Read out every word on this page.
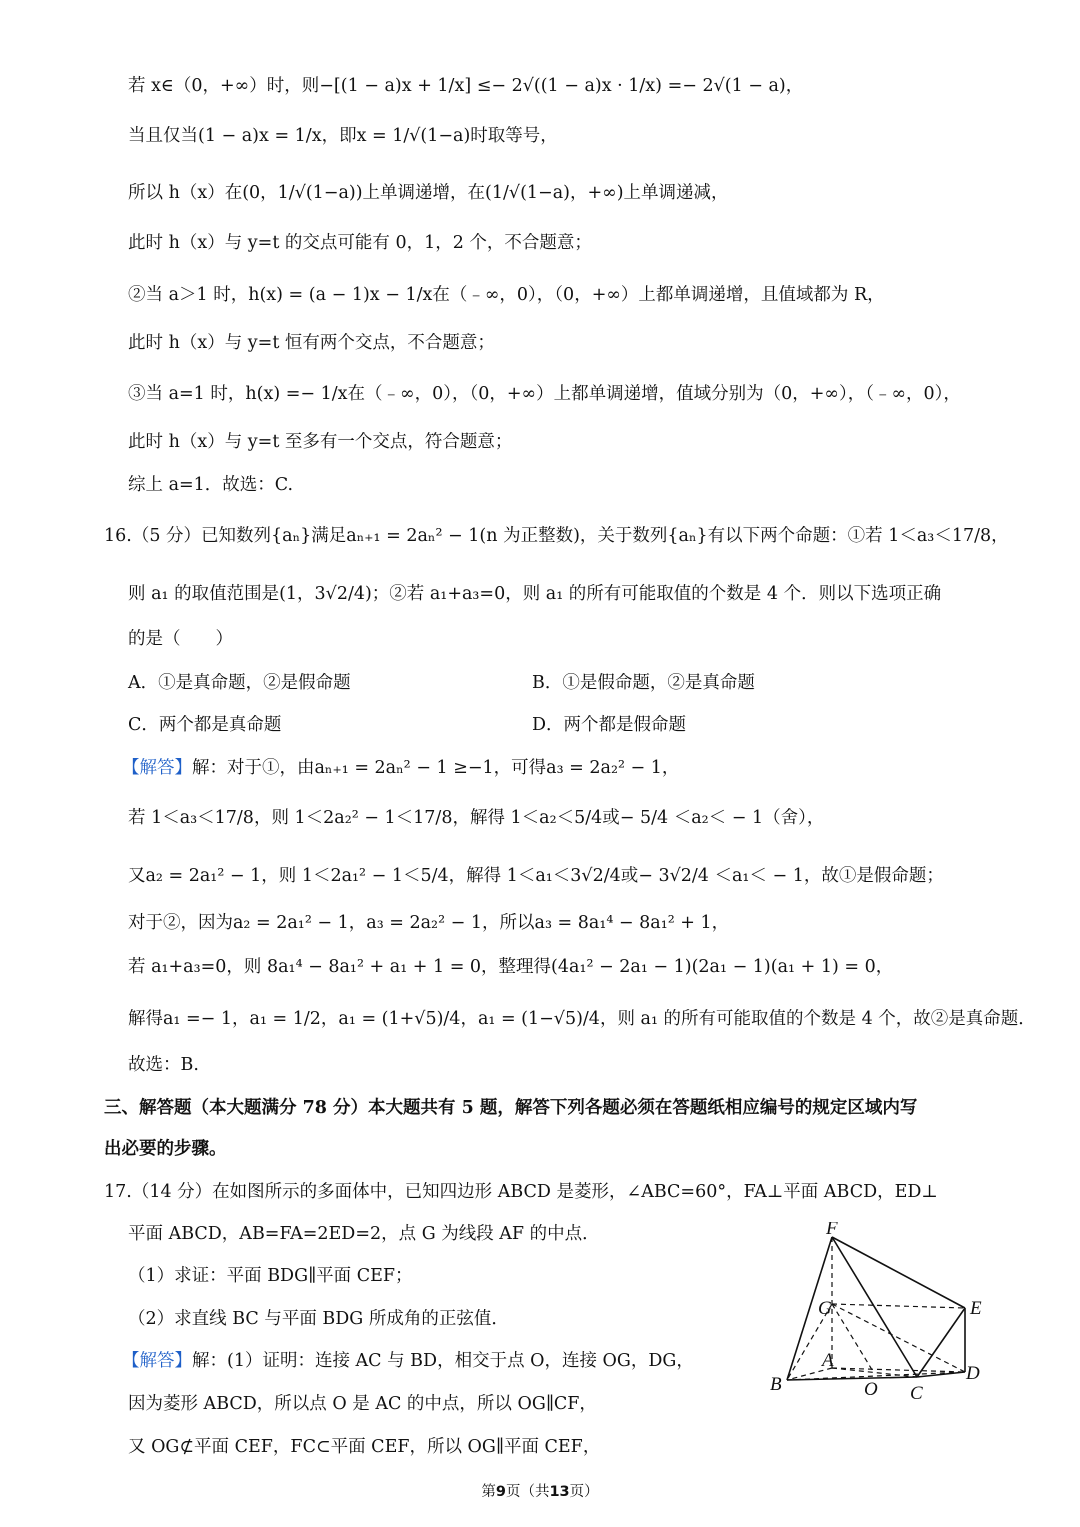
若 x∈（0，+∞）时，则−[(1 − a)x + 1/x] ≤− 2√((1 − a)x · 1/x) =− 2√(1 − a)，
当且仅当(1 − a)x = 1/x，即x = 1/√(1−a)时取等号，
所以 h（x）在(0，1/√(1−a))上单调递增，在(1/√(1−a)，+∞)上单调递减，
此时 h（x）与 y=t 的交点可能有 0，1，2 个，不合题意；
②当 a＞1 时，h(x) = (a − 1)x − 1/x在（﹣∞，0），（0，+∞）上都单调递增，且值域都为 R，
此时 h（x）与 y=t 恒有两个交点，不合题意；
③当 a=1 时，h(x) =− 1/x在（﹣∞，0），（0，+∞）上都单调递增，值域分别为（0，+∞），（﹣∞，0），
此时 h（x）与 y=t 至多有一个交点，符合题意；
综上 a=1．故选：C.
16.（5 分）已知数列{aₙ}满足aₙ₊₁ = 2aₙ² − 1(n 为正整数)，关于数列{aₙ}有以下两个命题：①若 1＜a₃＜17/8，
则 a₁ 的取值范围是(1，3√2/4)；②若 a₁+a₃=0，则 a₁ 的所有可能取值的个数是 4 个．则以下选项正确
的是（　　）
A．①是真命题，②是假命题	B．①是假命题，②是真命题
C．两个都是真命题	D．两个都是假命题
【解答】解：对于①，由aₙ₊₁ = 2aₙ² − 1 ≥−1，可得a₃ = 2a₂² − 1，
若 1＜a₃＜17/8，则 1＜2a₂² − 1＜17/8，解得 1＜a₂＜5/4或− 5/4 ＜a₂＜ − 1（舍），
又a₂ = 2a₁² − 1，则 1＜2a₁² − 1＜5/4，解得 1＜a₁＜3√2/4或− 3√2/4 ＜a₁＜ − 1，故①是假命题；
对于②，因为a₂ = 2a₁² − 1，a₃ = 2a₂² − 1，所以a₃ = 8a₁⁴ − 8a₁² + 1，
若 a₁+a₃=0，则 8a₁⁴ − 8a₁² + a₁ + 1 = 0，整理得(4a₁² − 2a₁ − 1)(2a₁ − 1)(a₁ + 1) = 0，
解得a₁ =− 1，a₁ = 1/2，a₁ = (1+√5)/4，a₁ = (1−√5)/4，则 a₁ 的所有可能取值的个数是 4 个，故②是真命题．
故选：B.
三、解答题（本大题满分 78 分）本大题共有 5 题，解答下列各题必须在答题纸相应编号的规定区域内写
出必要的步骤。
17.（14 分）在如图所示的多面体中，已知四边形 ABCD 是菱形，∠ABC=60°，FA⊥平面 ABCD，ED⊥
平面 ABCD，AB=FA=2ED=2，点 G 为线段 AF 的中点．
（1）求证：平面 BDG∥平面 CEF；
（2）求直线 BC 与平面 BDG 所成角的正弦值．
【解答】解：(1）证明：连接 AC 与 BD，相交于点 O，连接 OG，DG，
因为菱形 ABCD，所以点 O 是 AC 的中点，所以 OG∥CF，
又 OG⊄平面 CEF，FC⊂平面 CEF，所以 OG∥平面 CEF，
F
G	E
A
D
O
B	C
第9页（共13页）
